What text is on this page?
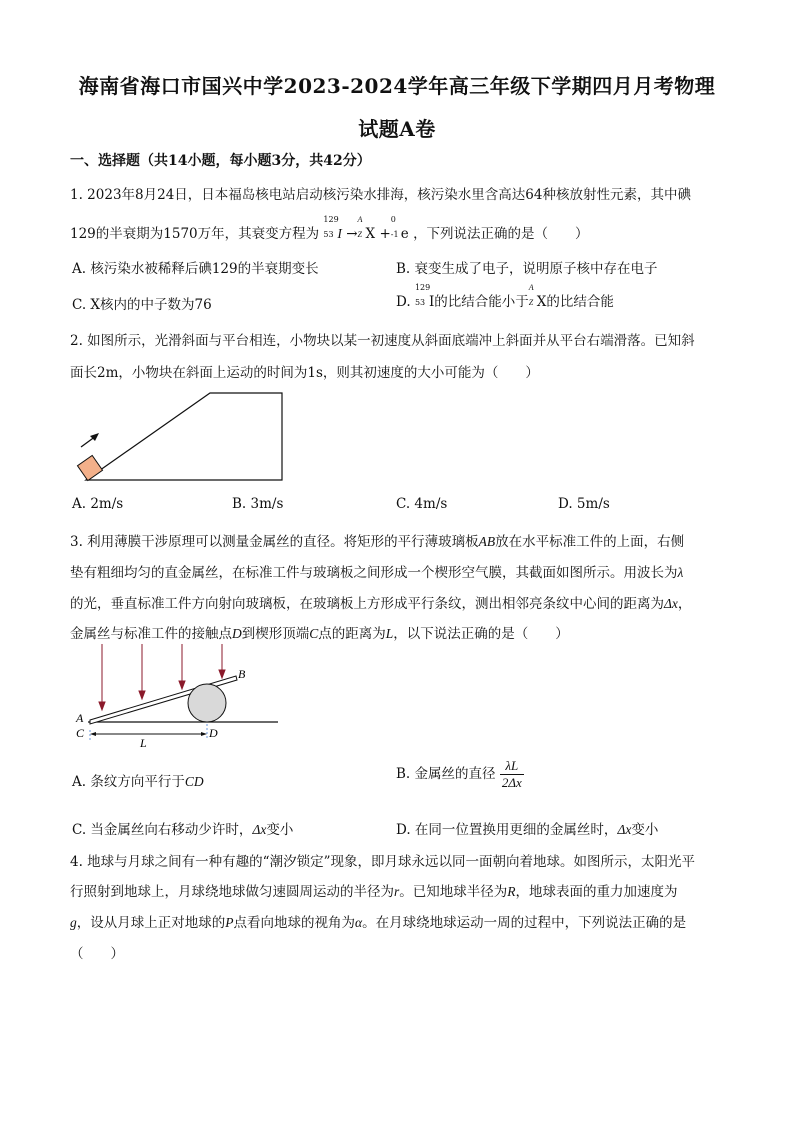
海南省海口市国兴中学2023-2024学年高三年级下学期四月月考物理
试题A卷
一、选择题（共14小题，每小题3分，共42分）
1. 2023年8月24日，日本福岛核电站启动核污染水排海，核污染水里含高达64种核放射性元素，其中碘
129的半衰期为1570万年，其衰变方程为
129
53 I →
A
Z X +
0
-1 e ，下列说法正确的是（　　）
A. 核污染水被稀释后碘129的半衰期变长	B. 衰变生成了电子，说明原子核中存在电子
C. X核内的中子数为76	D.
129
53 I的比结合能小于
A
Z X的比结合能
2. 如图所示，光滑斜面与平台相连，小物块以某一初速度从斜面底端冲上斜面并从平台右端滑落。已知斜
面长2m，小物块在斜面上运动的时间为1s，则其初速度的大小可能为（　　）
A. 2m/s	B. 3m/s	C. 4m/s	D. 5m/s
3. 利用薄膜干涉原理可以测量金属丝的直径。将矩形的平行薄玻璃板AB放在水平标准工件的上面，右侧
垫有粗细均匀的直金属丝，在标准工件与玻璃板之间形成一个楔形空气膜，其截面如图所示。用波长为λ
的光，垂直标准工件方向射向玻璃板，在玻璃板上方形成平行条纹，测出相邻亮条纹中心间的距离为Δx，
金属丝与标准工件的接触点D到楔形顶端C点的距离为L，以下说法正确的是（　　）
A
B
C	D
L
A. 条纹方向平行于CD	B. 金属丝的直径 $\frac{\lambda L}{2\Delta x}$
C. 当金属丝向右移动少许时，Δx变小	D. 在同一位置换用更细的金属丝时，Δx变小
4. 地球与月球之间有一种有趣的“潮汐锁定”现象，即月球永远以同一面朝向着地球。如图所示，太阳光平
行照射到地球上，月球绕地球做匀速圆周运动的半径为r。已知地球半径为R，地球表面的重力加速度为
g，设从月球上正对地球的P点看向地球的视角为α。在月球绕地球运动一周的过程中，下列说法正确的是
（　　）
